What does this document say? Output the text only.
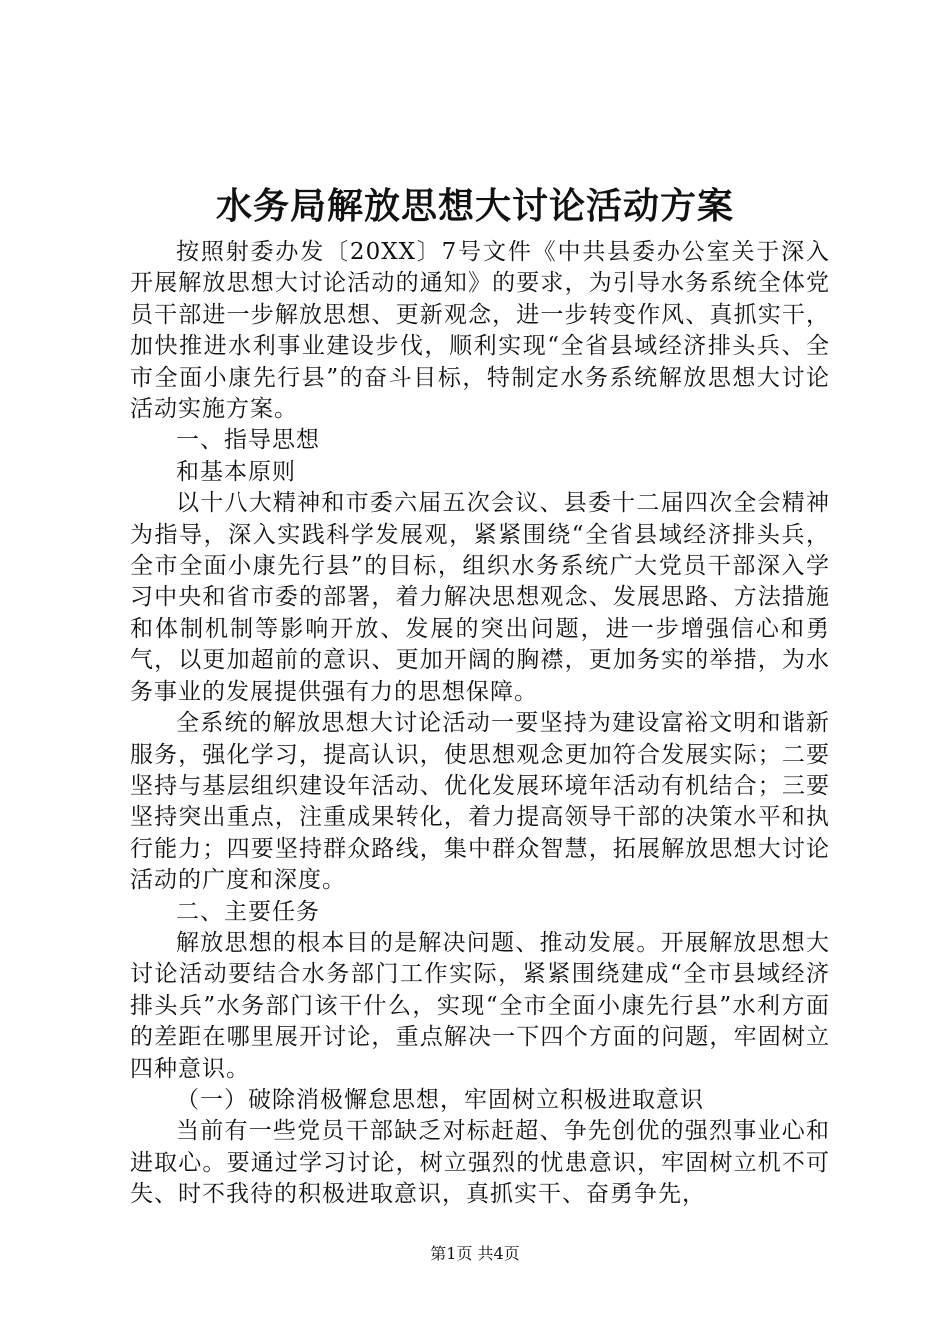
水务局解放思想大讨论活动方案

按照射委办发〔20XX〕7号文件《中共县委办公室关于深入开展解放思想大讨论活动的通知》的要求，为引导水务系统全体党员干部进一步解放思想、更新观念，进一步转变作风、真抓实干，加快推进水利事业建设步伐，顺利实现“全省县域经济排头兵、全市全面小康先行县”的奋斗目标，特制定水务系统解放思想大讨论活动实施方案。

一、指导思想

和基本原则

以十八大精神和市委六届五次会议、县委十二届四次全会精神为指导，深入实践科学发展观，紧紧围绕“全省县域经济排头兵，全市全面小康先行县”的目标，组织水务系统广大党员干部深入学习中央和省市委的部署，着力解决思想观念、发展思路、方法措施和体制机制等影响开放、发展的突出问题，进一步增强信心和勇气，以更加超前的意识、更加开阔的胸襟，更加务实的举措，为水务事业的发展提供强有力的思想保障。

全系统的解放思想大讨论活动一要坚持为建设富裕文明和谐新服务，强化学习，提高认识，使思想观念更加符合发展实际；二要坚持与基层组织建设年活动、优化发展环境年活动有机结合；三要坚持突出重点，注重成果转化，着力提高领导干部的决策水平和执行能力；四要坚持群众路线，集中群众智慧，拓展解放思想大讨论活动的广度和深度。

二、主要任务

解放思想的根本目的是解决问题、推动发展。开展解放思想大讨论活动要结合水务部门工作实际，紧紧围绕建成“全市县域经济排头兵”水务部门该干什么，实现“全市全面小康先行县”水利方面的差距在哪里展开讨论，重点解决一下四个方面的问题，牢固树立四种意识。

（一）破除消极懈怠思想，牢固树立积极进取意识

当前有一些党员干部缺乏对标赶超、争先创优的强烈事业心和进取心。要通过学习讨论，树立强烈的忧患意识，牢固树立机不可失、时不我待的积极进取意识，真抓实干、奋勇争先，

第1页 共4页
